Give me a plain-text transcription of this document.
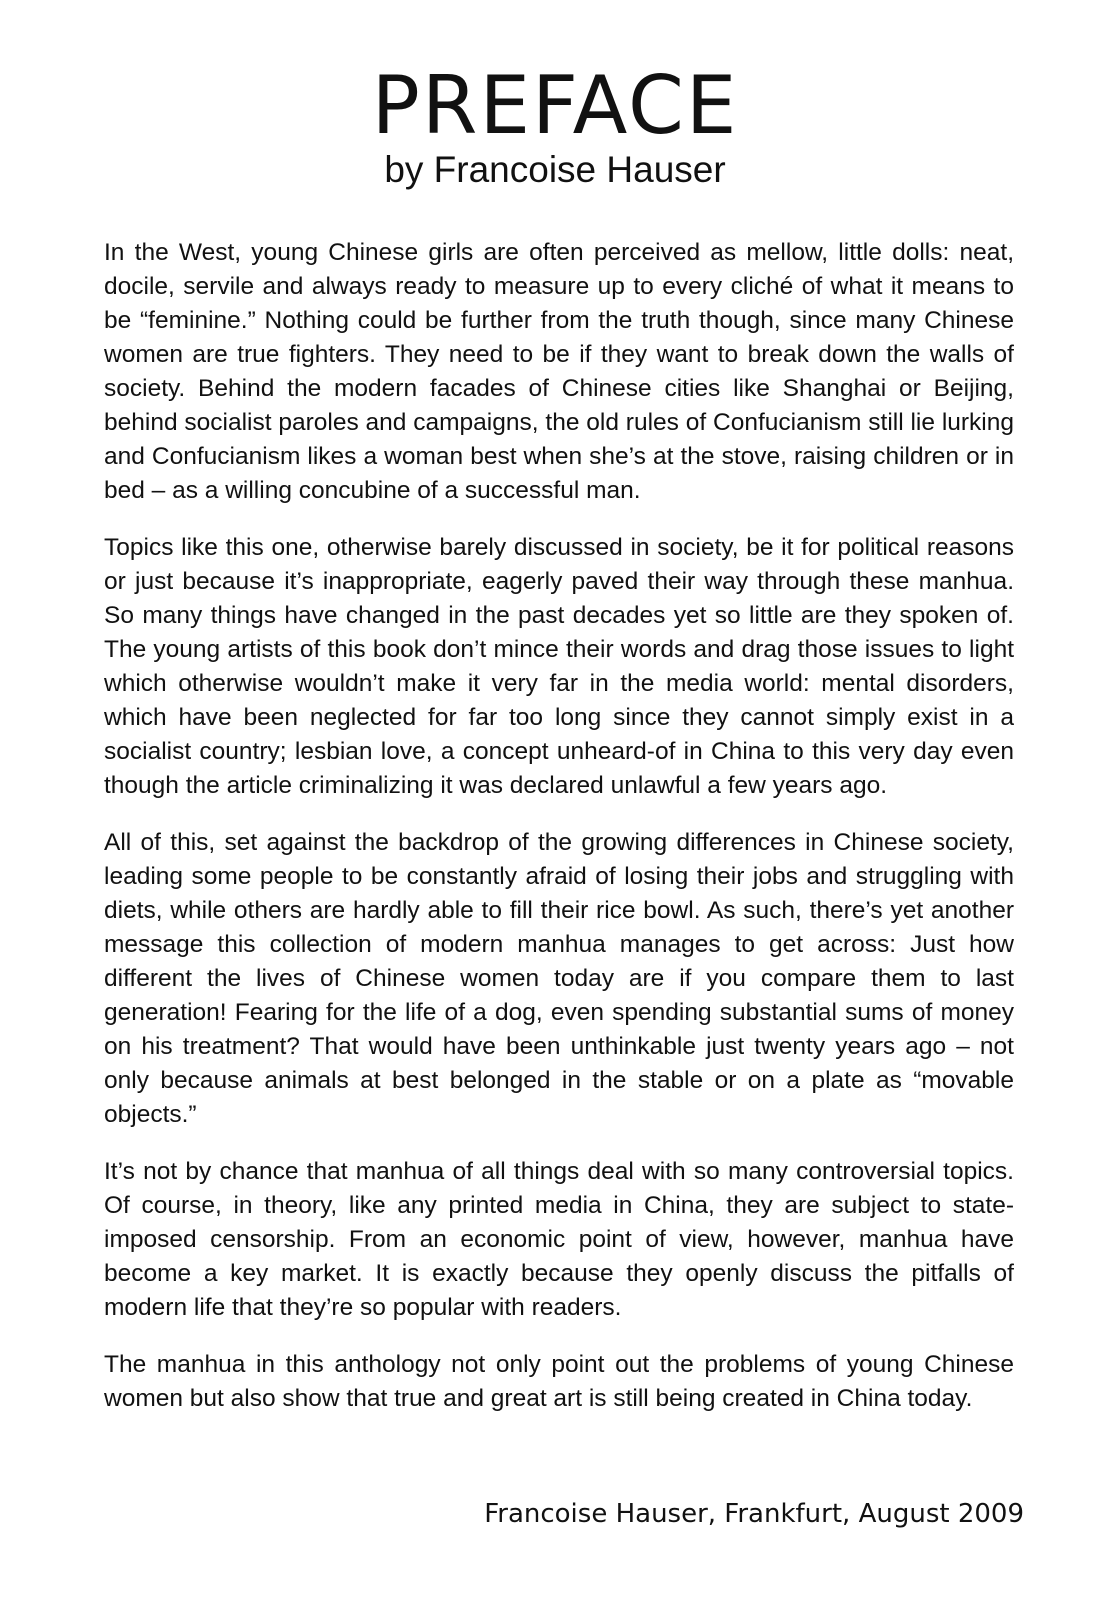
PREFACE
by Francoise Hauser

In the West, young Chinese girls are often perceived as mellow, little dolls: neat, docile, servile and always ready to measure up to every cliché of what it means to be “feminine.” Nothing could be further from the truth though, since many Chinese women are true fighters. They need to be if they want to break down the walls of society. Behind the modern facades of Chinese cities like Shanghai or Beijing, behind socialist paroles and campaigns, the old rules of Confucianism still lie lurking and Confucianism likes a woman best when she’s at the stove, raising children or in bed – as a willing concubine of a successful man.

Topics like this one, otherwise barely discussed in society, be it for political reasons or just because it’s inappropriate, eagerly paved their way through these manhua. So many things have changed in the past decades yet so little are they spoken of. The young artists of this book don’t mince their words and drag those issues to light which otherwise wouldn’t make it very far in the media world: mental disorders, which have been neglected for far too long since they cannot simply exist in a socialist country; lesbian love, a concept unheard-of in China to this very day even though the article criminalizing it was declared unlawful a few years ago.

All of this, set against the backdrop of the growing differences in Chinese society, leading some people to be constantly afraid of losing their jobs and struggling with diets, while others are hardly able to fill their rice bowl. As such, there’s yet another message this collection of modern manhua manages to get across: Just how different the lives of Chinese women today are if you compare them to last generation! Fearing for the life of a dog, even spending substantial sums of money on his treatment? That would have been unthinkable just twenty years ago – not only because animals at best belonged in the stable or on a plate as “movable objects.”

It’s not by chance that manhua of all things deal with so many controversial topics. Of course, in theory, like any printed media in China, they are subject to state-imposed censorship. From an economic point of view, however, manhua have become a key market. It is exactly because they openly discuss the pitfalls of modern life that they’re so popular with readers.

The manhua in this anthology not only point out the problems of young Chinese women but also show that true and great art is still being created in China today.

Francoise Hauser, Frankfurt, August 2009
